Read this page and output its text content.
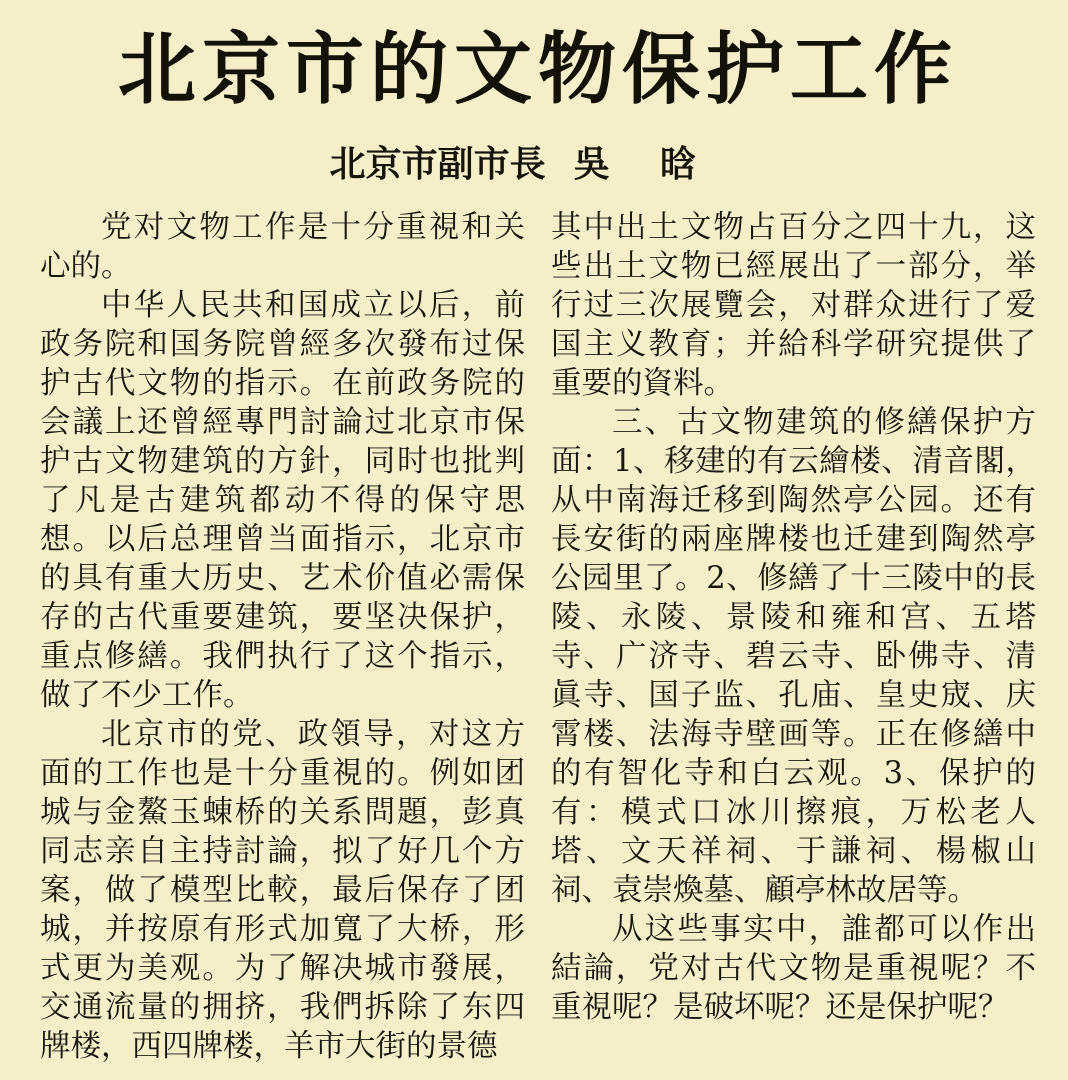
北京市的文物保护工作
北京市副市長 吳晗

党对文物工作是十分重視和关心的。

中华人民共和国成立以后，前政务院和国务院曾經多次發布过保护古代文物的指示。在前政务院的会議上还曾經專門討論过北京市保护古文物建筑的方針，同时也批判了凡是古建筑都动不得的保守思想。以后总理曾当面指示，北京市的具有重大历史、艺术价值必需保存的古代重要建筑，要坚决保护，重点修繕。我們执行了这个指示，做了不少工作。

北京市的党、政領导，对这方面的工作也是十分重視的。例如团城与金鰲玉蝀桥的关系問題，彭真同志亲自主持討論，拟了好几个方案，做了模型比較，最后保存了团城，并按原有形式加寬了大桥，形式更为美观。为了解决城市發展，交通流量的拥挤，我們拆除了东四牌楼，西四牌楼，羊市大街的景德

其中出土文物占百分之四十九，这些出土文物已經展出了一部分，举行过三次展覽会，对群众进行了爱国主义教育；并給科学研究提供了重要的資料。

三、古文物建筑的修繕保护方面：1、移建的有云繪楼、清音閣，从中南海迁移到陶然亭公园。还有長安街的兩座牌楼也迁建到陶然亭公园里了。2、修繕了十三陵中的長陵、永陵、景陵和雍和宫、五塔寺、广济寺、碧云寺、卧佛寺、清眞寺、国子监、孔庙、皇史宬、庆霄楼、法海寺壁画等。正在修繕中的有智化寺和白云观。3、保护的有：模式口冰川擦痕，万松老人塔、文天祥祠、于謙祠、楊椒山祠、袁崇煥墓、顧亭林故居等。

从这些事实中，誰都可以作出結論，党对古代文物是重視呢？不重視呢？是破坏呢？还是保护呢？
